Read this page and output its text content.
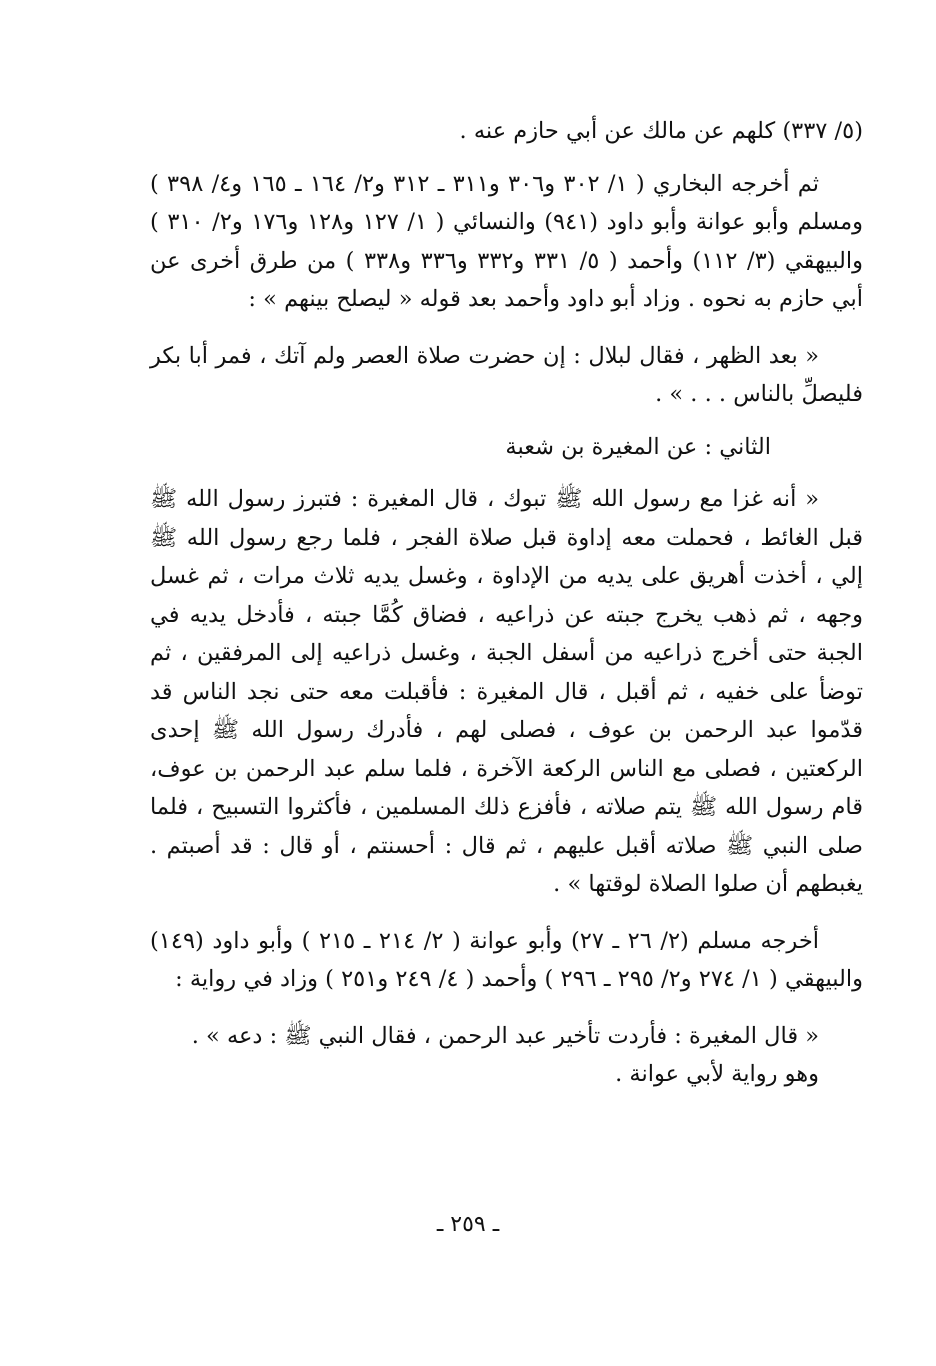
(٥/ ٣٣٧) كلهم عن مالك عن أبي حازم عنه .

ثم أخرجه البخاري ( ١/ ٣٠٢ و٣٠٦ و٣١١ ـ ٣١٢ و٢/ ١٦٤ ـ ١٦٥ و٤/ ٣٩٨ ) ومسلم وأبو عوانة وأبو داود (٩٤١) والنسائي ( ١/ ١٢٧ و١٢٨ و١٧٦ و٢/ ٣١٠ ) والبيهقي (٣/ ١١٢) وأحمد ( ٥/ ٣٣١ و٣٣٢ و٣٣٦ و٣٣٨ ) من طرق أخرى عن أبي حازم به نحوه . وزاد أبو داود وأحمد بعد قوله « ليصلح بينهم » :

« بعد الظهر ، فقال لبلال : إن حضرت صلاة العصر ولم آتك ، فمر أبا بكر فليصلِّ بالناس . . . » .

الثاني : عن المغيرة بن شعبة

« أنه غزا مع رسول الله ﷺ تبوك ، قال المغيرة : فتبرز رسول الله ﷺ قبل الغائط ، فحملت معه إداوة قبل صلاة الفجر ، فلما رجع رسول الله ﷺ إلي ، أخذت أهريق على يديه من الإداوة ، وغسل يديه ثلاث مرات ، ثم غسل وجهه ، ثم ذهب يخرج جبته عن ذراعيه ، فضاق كُمَّا جبته ، فأدخل يديه في الجبة حتى أخرج ذراعيه من أسفل الجبة ، وغسل ذراعيه إلى المرفقين ، ثم توضأ على خفيه ، ثم أقبل ، قال المغيرة : فأقبلت معه حتى نجد الناس قد قدّموا عبد الرحمن بن عوف ، فصلى لهم ، فأدرك رسول الله ﷺ إحدى الركعتين ، فصلى مع الناس الركعة الآخرة ، فلما سلم عبد الرحمن بن عوف، قام رسول الله ﷺ يتم صلاته ، فأفزع ذلك المسلمين ، فأكثروا التسبيح ، فلما صلى النبي ﷺ صلاته أقبل عليهم ، ثم قال : أحسنتم ، أو قال : قد أصبتم . يغبطهم أن صلوا الصلاة لوقتها » .

أخرجه مسلم (٢/ ٢٦ ـ ٢٧) وأبو عوانة ( ٢/ ٢١٤ ـ ٢١٥ ) وأبو داود (١٤٩) والبيهقي ( ١/ ٢٧٤ و٢/ ٢٩٥ ـ ٢٩٦ ) وأحمد ( ٤/ ٢٤٩ و٢٥١ ) وزاد في رواية :

« قال المغيرة : فأردت تأخير عبد الرحمن ، فقال النبي ﷺ : دعه » .

وهو رواية لأبي عوانة .

ـ ٢٥٩ ـ
